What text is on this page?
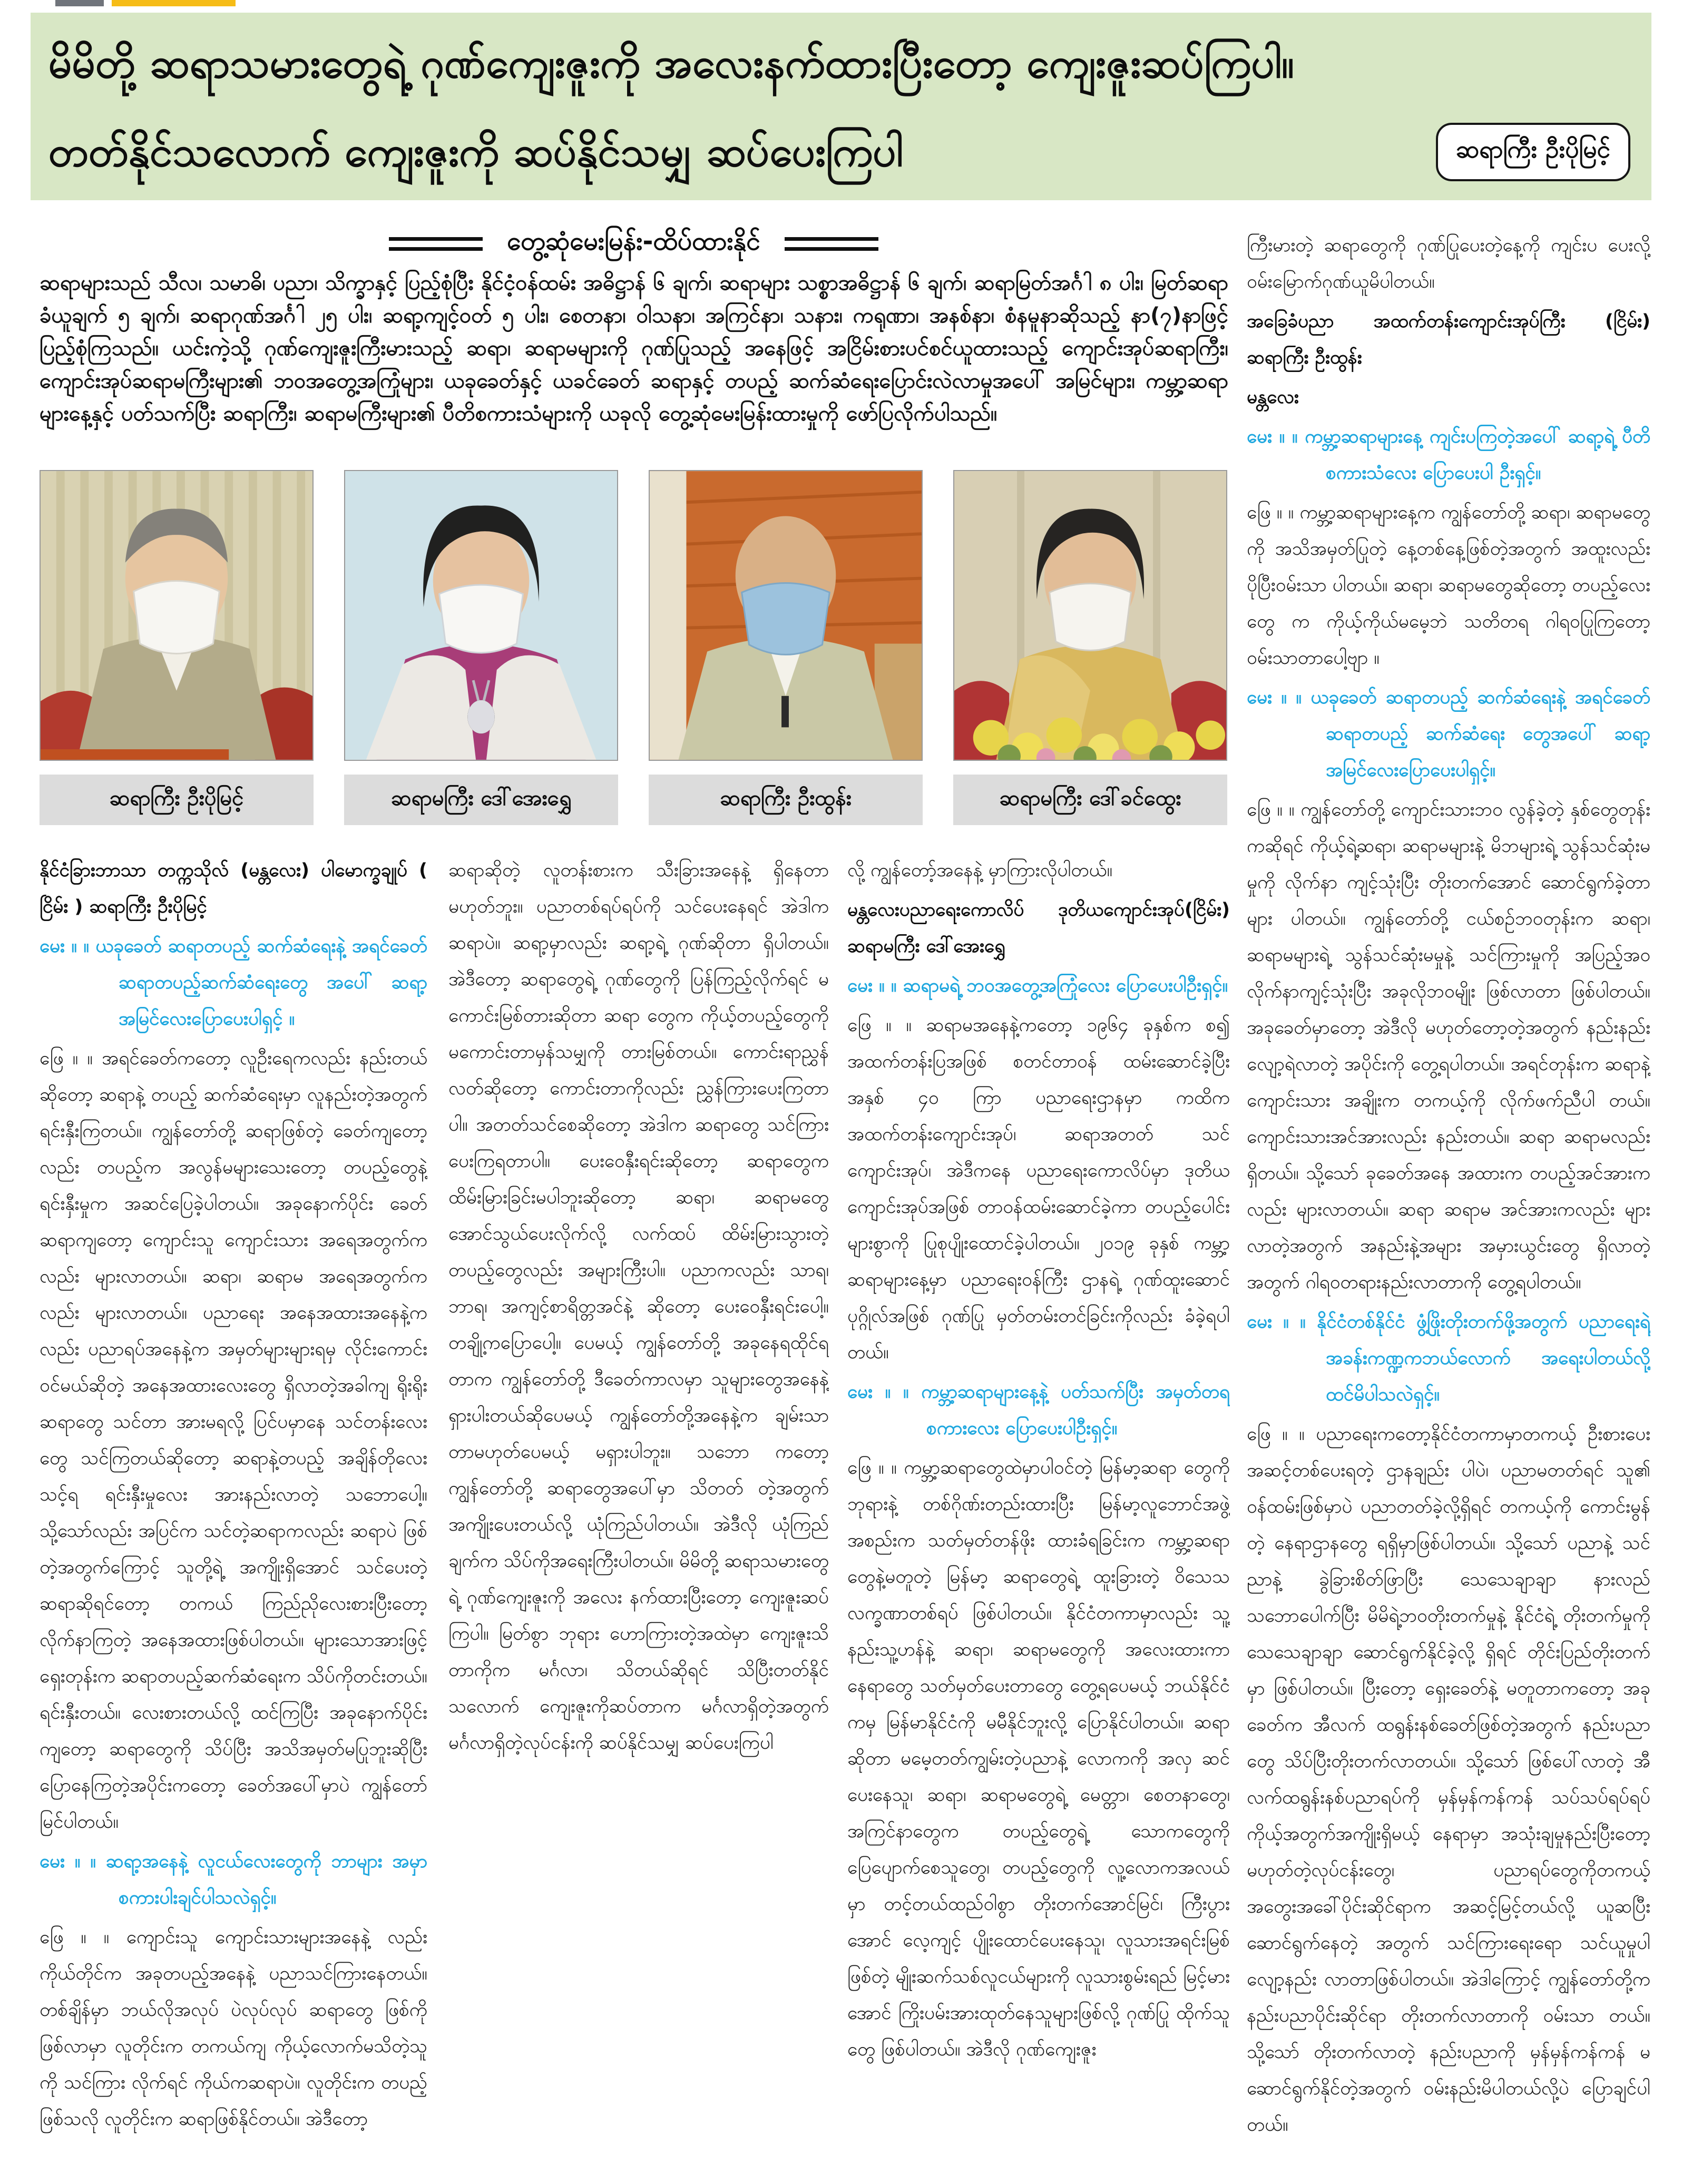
မိမိတို့ ဆရာသမားတွေရဲ့ ဂုဏ်ကျေးဇူးကို အလေးနက်ထားပြီးတော့ ကျေးဇူးဆပ်ကြပါ။
တတ်နိုင်သလောက် ကျေးဇူးကို ဆပ်နိုင်သမျှ ဆပ်ပေးကြပါ	ဆရာကြီး ဦးပိုမြင့်
တွေ့ဆုံမေးမြန်း-ထိပ်ထားနိုင်

ဆရာများသည် သီလ၊ သမာဓိ၊ ပညာ၊ သိက္ခာနှင့် ပြည့်စုံပြီး နိုင်ငံ့ဝန်ထမ်း အဓိဋ္ဌာန် ၆ ချက်၊ ဆရာများ သစ္စာအဓိဋ္ဌာန် ၆ ချက်၊ ဆရာမြတ်အင်္ဂါ ၈ ပါး၊ မြတ်ဆရာခံယူချက် ၅ ချက်၊ ဆရာဂုဏ်အင်္ဂါ ၂၅ ပါး၊ ဆရာ့ကျင့်ဝတ် ၅ ပါး၊ စေတနာ၊ ဝါသနာ၊ အကြင်နာ၊ သနား၊ ကရုဏာ၊ အနစ်နာ၊ စံနမူနာဆိုသည့် နာ(၇)နာဖြင့် ပြည့်စုံကြသည်။ ယင်းကဲ့သို့ ဂုဏ်ကျေးဇူးကြီးမားသည့် ဆရာ၊ ဆရာမများကို ဂုဏ်ပြုသည့် အနေဖြင့် အငြိမ်းစားပင်စင်ယူထားသည့် ကျောင်းအုပ်ဆရာကြီး၊ ကျောင်းအုပ်ဆရာမကြီးများ၏ ဘဝအတွေ့အကြုံများ၊ ယခုခေတ်နှင့် ယခင်ခေတ် ဆရာနှင့် တပည့် ဆက်ဆံရေးပြောင်းလဲလာမှုအပေါ် အမြင်များ၊ ကမ္ဘာ့ဆရာများနေ့နှင့် ပတ်သက်ပြီး ဆရာကြီး၊ ဆရာမကြီးများ၏ ပီတိစကားသံများကို ယခုလို တွေ့ဆုံမေးမြန်းထားမှုကို ဖော်ပြလိုက်ပါသည်။

ဆရာကြီး ဦးပိုမြင့်	ဆရာမကြီး ဒေါ်အေးရွှေ	ဆရာကြီး ဦးထွန်း	ဆရာမကြီး ဒေါ်ခင်ထွေး

နိုင်ငံခြားဘာသာ တက္ကသိုလ် (မန္တလေး) ပါမောက္ခချုပ် ( ငြိမ်း ) ဆရာကြီး ဦးပိုမြင့်

မေး ။ ။ ယခုခေတ် ဆရာတပည့် ဆက်ဆံရေးနဲ့ အရင်ခေတ်ဆရာတပည့်ဆက်ဆံရေးတွေ အပေါ် ဆရာ့အမြင်လေးပြောပေးပါရှင့် ။

ဖြေ ။ ။ အရင်ခေတ်ကတော့ လူဦးရေကလည်း နည်းတယ်ဆိုတော့ ဆရာနဲ့ တပည့် ဆက်ဆံရေးမှာ လူနည်းတဲ့အတွက် ရင်းနှီးကြတယ်။ ကျွန်တော်တို့ ဆရာဖြစ်တဲ့ ခေတ်ကျတော့လည်း တပည့်က အလွန်မများသေးတော့ တပည့်တွေနဲ့ ရင်းနှီးမှုက အဆင်ပြေခဲ့ပါတယ်။ အခုနောက်ပိုင်း ခေတ်ဆရာကျတော့ ကျောင်းသူ ကျောင်းသား အရေအတွက်ကလည်း များလာတယ်။ ဆရာ၊ ဆရာမ အရေအတွက်ကလည်း များလာတယ်။ ပညာရေး အနေအထားအနေနဲ့ကလည်း ပညာရပ်အနေနဲ့က အမှတ်များများရမှ လိုင်းကောင်းဝင်မယ်ဆိုတဲ့ အနေအထားလေးတွေ ရှိလာတဲ့အခါကျ ရိုးရိုးဆရာတွေ သင်တာ အားမရလို့ ပြင်ပမှာနေ သင်တန်းလေးတွေ သင်ကြတယ်ဆိုတော့ ဆရာနဲ့တပည့် အချိန်တိုလေးသင့်ရ ရင်းနှီးမှုလေး အားနည်းလာတဲ့ သဘောပေါ့။ သို့သော်လည်း အပြင်က သင်တဲ့ဆရာကလည်း ဆရာပဲ ဖြစ်တဲ့အတွက်ကြောင့် သူတို့ရဲ့ အကျိုးရှိအောင် သင်ပေးတဲ့ ဆရာဆိုရင်တော့ တကယ် ကြည်ညိုလေးစားပြီးတော့ လိုက်နာကြတဲ့ အနေအထားဖြစ်ပါတယ်။ များသောအားဖြင့် ရှေးတုန်းက ဆရာတပည့်ဆက်ဆံရေးက သိပ်ကိုတင်းတယ်။ ရင်းနှီးတယ်။ လေးစားတယ်လို့ ထင်ကြပြီး အခုနောက်ပိုင်းကျတော့ ဆရာတွေကို သိပ်ပြီး အသိအမှတ်မပြုဘူးဆိုပြီး ပြောနေကြတဲ့အပိုင်းကတော့ ခေတ်အပေါ်မှာပဲ ကျွန်တော်မြင်ပါတယ်။

မေး ။ ။ ဆရာ့အနေနဲ့ လူငယ်လေးတွေကို ဘာများ အမှာစကားပါးချင်ပါသလဲရှင့်။

ဖြေ ။ ။ ကျောင်းသူ ကျောင်းသားများအနေနဲ့ လည်း ကိုယ်တိုင်က အခုတပည့်အနေနဲ့ ပညာသင်ကြားနေတယ်။ တစ်ချိန်မှာ ဘယ်လိုအလုပ် ပဲလုပ်လုပ် ဆရာတွေ ဖြစ်ကိုဖြစ်လာမှာ လူတိုင်းက တကယ်ကျ ကိုယ့်လောက်မသိတဲ့သူကို သင်ကြား လိုက်ရင် ကိုယ်ကဆရာပဲ။ လူတိုင်းက တပည့် ဖြစ်သလို လူတိုင်းက ဆရာဖြစ်နိုင်တယ်။ အဲဒီတော့

ဆရာဆိုတဲ့ လူတန်းစားက သီးခြားအနေနဲ့ ရှိနေတာ မဟုတ်ဘူး။ ပညာတစ်ရပ်ရပ်ကို သင်ပေးနေရင် အဲဒါက ဆရာပဲ။ ဆရာ့မှာလည်း ဆရာ့ရဲ့ ဂုဏ်ဆိုတာ ရှိပါတယ်။ အဲဒီတော့ ဆရာတွေရဲ့ ဂုဏ်တွေကို ပြန်ကြည့်လိုက်ရင် မကောင်းမြစ်တားဆိုတာ ဆရာ တွေက ကိုယ့်တပည့်တွေကို မကောင်းတာမှန်သမျှကို တားမြစ်တယ်။ ကောင်းရာညွှန်လတ်ဆိုတော့ ကောင်းတာကိုလည်း ညွှန်ကြားပေးကြတာပါ။ အတတ်သင်စေဆိုတော့ အဲဒါက ဆရာတွေ သင်ကြား ပေးကြရတာပါ။ ပေးဝေနှီးရင်းဆိုတော့ ဆရာတွေက ထိမ်းမြားခြင်းမပါဘူးဆိုတော့ ဆရာ၊ ဆရာမတွေ အောင်သွယ်ပေးလိုက်လို့ လက်ထပ် ထိမ်းမြားသွားတဲ့ တပည့်တွေလည်း အများကြီးပါ။ ပညာကလည်း သာရ၊ ဘာရ၊ အကျင့်စာရိတ္တအင်နဲ့ ဆိုတော့ ပေးဝေနှီးရင်းပေါ့။ တချို့ကပြောပေါ့။ ပေမယ့် ကျွန်တော်တို့ အခုနေရထိုင်ရတာက ကျွန်တော်တို့ ဒီခေတ်ကာလမှာ သူများတွေအနေနဲ့ ရှားပါးတယ်ဆိုပေမယ့် ကျွန်တော်တို့အနေနဲ့က ချမ်းသာတာမဟုတ်ပေမယ့် မရှားပါဘူး။ သဘော ကတော့ ကျွန်တော်တို့ ဆရာတွေအပေါ်မှာ သိတတ် တဲ့အတွက် အကျိုးပေးတယ်လို့ ယုံကြည်ပါတယ်။ အဲဒီလို ယုံကြည်ချက်က သိပ်ကိုအရေးကြီးပါတယ်။ မိမိတို့ ဆရာသမားတွေရဲ့ ဂုဏ်ကျေးဇူးကို အလေး နက်ထားပြီးတော့ ကျေးဇူးဆပ်ကြပါ။ မြတ်စွာ ဘုရား ဟောကြားတဲ့အထဲမှာ ကျေးဇူးသိတာကိုက မင်္ဂလာ၊ သိတယ်ဆိုရင် သိပြီးတတ်နိုင်သလောက် ကျေးဇူးကိုဆပ်တာက မင်္ဂလာရှိတဲ့အတွက် မင်္ဂလာရှိတဲ့လုပ်ငန်းကို ဆပ်နိုင်သမျှ ဆပ်ပေးကြပါ

လို့ ကျွန်တော့်အနေနဲ့ မှာကြားလိုပါတယ်။

မန္တလေးပညာရေးကောလိပ် ဒုတိယကျောင်းအုပ်(ငြိမ်း) ဆရာမကြီး ဒေါ်အေးရွှေ

မေး ။ ။ ဆရာမရဲ့ ဘဝအတွေ့အကြုံလေး ပြောပေးပါဦးရှင့်။

ဖြေ ။ ။ ဆရာမအနေနဲ့ကတော့ ၁၉၆၄ ခုနှစ်က စ၍ အထက်တန်းပြအဖြစ် စတင်တာဝန် ထမ်းဆောင်ခဲ့ပြီး အနှစ် ၄၀ ကြာ ပညာရေးဌာနမှာ ကထိကအထက်တန်းကျောင်းအုပ်၊ ဆရာအတတ် သင် ကျောင်းအုပ်၊ အဲဒီကနေ ပညာရေးကောလိပ်မှာ ဒုတိယကျောင်းအုပ်အဖြစ် တာဝန်ထမ်းဆောင်ခဲ့ကာ တပည့်ပေါင်းများစွာကို ပြုစုပျိုးထောင်ခဲ့ပါတယ်။ ၂၀၁၉ ခုနှစ် ကမ္ဘာ့ဆရာများနေ့မှာ ပညာရေးဝန်ကြီး ဌာနရဲ့ ဂုဏ်ထူးဆောင် ပုဂ္ဂိုလ်အဖြစ် ဂုဏ်ပြု မှတ်တမ်းတင်ခြင်းကိုလည်း ခံခဲ့ရပါတယ်။

မေး ။ ။ ကမ္ဘာ့ဆရာများနေ့နဲ့ ပတ်သက်ပြီး အမှတ်တရစကားလေး ပြောပေးပါဦးရှင့်။

ဖြေ ။ ။ ကမ္ဘာ့ဆရာတွေထဲမှာပါဝင်တဲ့ မြန်မာ့ဆရာ တွေကို ဘုရားနဲ့ တစ်ဂိုဏ်းတည်းထားပြီး မြန်မာ့လူဘောင်အဖွဲ့အစည်းက သတ်မှတ်တန်ဖိုး ထားခံရခြင်းက ကမ္ဘာ့ဆရာတွေနဲ့မတူတဲ့ မြန်မာ့ ဆရာတွေရဲ့ ထူးခြားတဲ့ ဝိသေသ လက္ခဏာတစ်ရပ် ဖြစ်ပါတယ်။ နိုင်ငံတကာမှာလည်း သူ့နည်းသူ့ဟန်နဲ့ ဆရာ၊ ဆရာမတွေကို အလေးထားကာ နေရာတွေ သတ်မှတ်ပေးတာတွေ တွေ့ရပေမယ့် ဘယ်နိုင်ငံကမှ မြန်မာနိုင်ငံကို မမီနိုင်ဘူးလို့ ပြောနိုင်ပါတယ်။ ဆရာ ဆိုတာ မမေ့တတ်ကျွမ်းတဲ့ပညာနဲ့ လောကကို အလှ ဆင်ပေးနေသူ၊ ဆရာ၊ ဆရာမတွေရဲ့ မေတ္တာ၊ စေတနာတွေ၊ အကြင်နာတွေက တပည့်တွေရဲ့ သောကတွေကို ပြေပျောက်စေသူတွေ၊ တပည့်တွေကို လူ့လောကအလယ်မှာ တင့်တယ်ထည်ဝါစွာ တိုးတက်အောင်မြင်၊ ကြီးပွားအောင် လေ့ကျင့် ပျိုးထောင်ပေးနေသူ၊ လူသားအရင်းမြစ်ဖြစ်တဲ့ မျိုးဆက်သစ်လူငယ်များကို လူသားစွမ်းရည် မြင့်မား အောင် ကြိုးပမ်းအားထုတ်နေသူများဖြစ်လို့ ဂုဏ်ပြု ထိုက်သူတွေ ဖြစ်ပါတယ်။ အဲဒီလို ဂုဏ်ကျေးဇူး

ကြီးမားတဲ့ ဆရာတွေကို ဂုဏ်ပြုပေးတဲ့နေ့ကို ကျင်းပ ပေးလို့ ဝမ်းမြောက်ဂုဏ်ယူမိပါတယ်။

အခြေခံပညာ အထက်တန်းကျောင်းအုပ်ကြီး (ငြိမ်း) ဆရာကြီး ဦးထွန်း

မန္တလေး

မေး ။ ။ ကမ္ဘာ့ဆရာများနေ့ ကျင်းပကြတဲ့အပေါ် ဆရာ့ရဲ့ ပီတိစကားသံလေး ပြောပေးပါ ဦးရှင့်။

ဖြေ ။ ။ ကမ္ဘာ့ဆရာများနေ့က ကျွန်တော်တို့ ဆရာ၊ ဆရာမတွေကို အသိအမှတ်ပြုတဲ့ နေ့တစ်နေ့ဖြစ်တဲ့အတွက် အထူးလည်း ပိုပြီးဝမ်းသာ ပါတယ်။ ဆရာ၊ ဆရာမတွေဆိုတော့ တပည့်လေးတွေ က ကိုယ့်ကိုယ်မမေ့ဘဲ သတိတရ ဂါရဝပြုကြတော့ ဝမ်းသာတာပေါ့ဗျာ ။

မေး ။ ။ ယခုခေတ် ဆရာတပည့် ဆက်ဆံရေးနဲ့ အရင်ခေတ် ဆရာတပည့် ဆက်ဆံရေး တွေအပေါ် ဆရာ့အမြင်လေးပြောပေးပါရှင့်။

ဖြေ ။ ။ ကျွန်တော်တို့ ကျောင်းသားဘဝ လွန်ခဲ့တဲ့ နှစ်တွေတုန်းကဆိုရင် ကိုယ့်ရဲ့ဆရာ၊ ဆရာမများနဲ့ မိဘများရဲ့ သွန်သင်ဆုံးမမှုကို လိုက်နာ ကျင့်သုံးပြီး တိုးတက်အောင် ဆောင်ရွက်ခဲ့တာများ ပါတယ်။ ကျွန်တော်တို့ ငယ်စဉ်ဘဝတုန်းက ဆရာ၊ ဆရာမများရဲ့ သွန်သင်ဆုံးမမှုနဲ့ သင်ကြားမှုကို အပြည့်အဝလိုက်နာကျင့်သုံးပြီး အခုလိုဘဝမျိုး ဖြစ်လာတာ ဖြစ်ပါတယ်။ အခုခေတ်မှာတော့ အဲဒီလို မဟုတ်တော့တဲ့အတွက် နည်းနည်းလျော့ရဲလာတဲ့ အပိုင်းကို တွေ့ရပါတယ်။ အရင်တုန်းက ဆရာနဲ့ ကျောင်းသား အချိုးက တကယ့်ကို လိုက်ဖက်ညီပါ တယ်။ ကျောင်းသားအင်အားလည်း နည်းတယ်။ ဆရာ ဆရာမလည်းရှိတယ်။ သို့သော် ခုခေတ်အနေ အထားက တပည့်အင်အားကလည်း များလာတယ်။ ဆရာ ဆရာမ အင်အားကလည်း များလာတဲ့အတွက် အနည်းနဲ့အများ အမှားယွင်းတွေ ရှိလာတဲ့အတွက် ဂါရဝတရားနည်းလာတာကို တွေ့ရပါတယ်။

မေး ။ ။ နိုင်ငံတစ်နိုင်ငံ ဖွံ့ဖြိုးတိုးတက်ဖို့အတွက် ပညာရေးရဲ့အခန်းကဏ္ဍကဘယ်လောက် အရေးပါတယ်လို့ ထင်မိပါသလဲရှင့်။

ဖြေ ။ ။ ပညာရေးကတော့နိုင်ငံတကာမှာတကယ့် ဦးစားပေးအဆင့်တစ်ပေးရတဲ့ ဌာနချည်း ပါပဲ၊ ပညာမတတ်ရင် သူ၏ ဝန်ထမ်းဖြစ်မှာပဲ ပညာတတ်ခဲ့လို့ရှိရင် တကယ့်ကို ကောင်းမွန်တဲ့ နေရာဌာနတွေ ရရှိမှာဖြစ်ပါတယ်။ သို့သော် ပညာနဲ့ သင်ညာနဲ့ ခွဲခြားစိတ်ဖြာပြီး သေသေချာချာ နားလည် သဘောပေါက်ပြီး မိမိရဲ့ဘဝတိုးတက်မှုနဲ့ နိုင်ငံရဲ့ တိုးတက်မှုကို သေသေချာချာ ဆောင်ရွက်နိုင်ခဲ့လို့ ရှိရင် တိုင်းပြည်တိုးတက်မှာ ဖြစ်ပါတယ်။ ပြီးတော့ ရှေးခေတ်နဲ့ မတူတာကတော့ အခုခေတ်က အီလက် ထရွန်းနစ်ခေတ်ဖြစ်တဲ့အတွက် နည်းပညာတွေ သိပ်ပြီးတိုးတက်လာတယ်။ သို့သော် ဖြစ်ပေါ်လာတဲ့ အီလက်ထရွန်းနစ်ပညာရပ်ကို မှန်မှန်ကန်ကန် သပ်သပ်ရပ်ရပ် ကိုယ့်အတွက်အကျိုးရှိမယ့် နေရာမှာ အသုံးချမှုနည်းပြီးတော့ မဟုတ်တဲ့လုပ်ငန်းတွေ၊ ပညာရပ်တွေကိုတကယ့်အတွေးအခေါ်ပိုင်းဆိုင်ရာက အဆင့်မြင့်တယ်လို့ ယူဆပြီး ဆောင်ရွက်နေတဲ့ အတွက် သင်ကြားရေးရော သင်ယူမှုပါ လျော့နည်း လာတာဖြစ်ပါတယ်။ အဲဒါကြောင့် ကျွန်တော်တို့က နည်းပညာပိုင်းဆိုင်ရာ တိုးတက်လာတာကို ဝမ်းသာ တယ်။ သို့သော် တိုးတက်လာတဲ့ နည်းပညာကို မှန်မှန်ကန်ကန် မဆောင်ရွက်နိုင်တဲ့အတွက် ဝမ်းနည်းမိပါတယ်လို့ပဲ ပြောချင်ပါတယ်။
